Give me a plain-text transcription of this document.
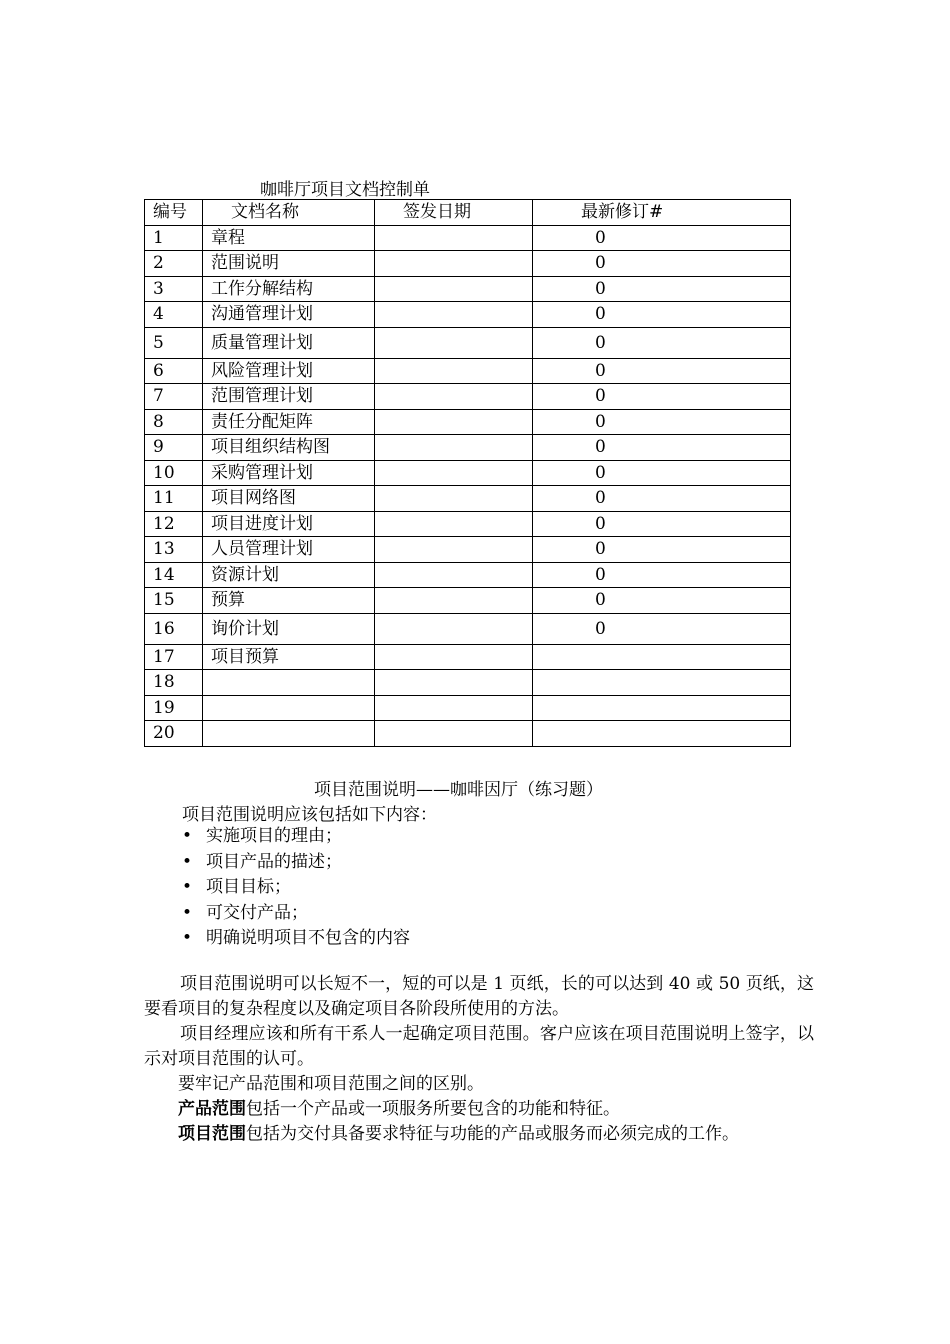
咖啡厅项目文档控制单
编号	文档名称	签发日期	最新修订#
1	章程		0
2	范围说明		0
3	工作分解结构		0
4	沟通管理计划		0
5	质量管理计划		0
6	风险管理计划		0
7	范围管理计划		0
8	责任分配矩阵		0
9	项目组织结构图		0
10	采购管理计划		0
11	项目网络图		0
12	项目进度计划		0
13	人员管理计划		0
14	资源计划		0
15	预算		0
16	询价计划		0
17	项目预算		
18			
19			
20			
项目范围说明——咖啡因厅（练习题）
项目范围说明应该包括如下内容：
• 实施项目的理由；
• 项目产品的描述；
• 项目目标；
• 可交付产品；
• 明确说明项目不包含的内容

项目范围说明可以长短不一，短的可以是 1 页纸，长的可以达到 40 或 50 页纸，这要看项目的复杂程度以及确定项目各阶段所使用的方法。

项目经理应该和所有干系人一起确定项目范围。客户应该在项目范围说明上签字，以示对项目范围的认可。

要牢记产品范围和项目范围之间的区别。

产品范围包括一个产品或一项服务所要包含的功能和特征。

项目范围包括为交付具备要求特征与功能的产品或服务而必须完成的工作。
